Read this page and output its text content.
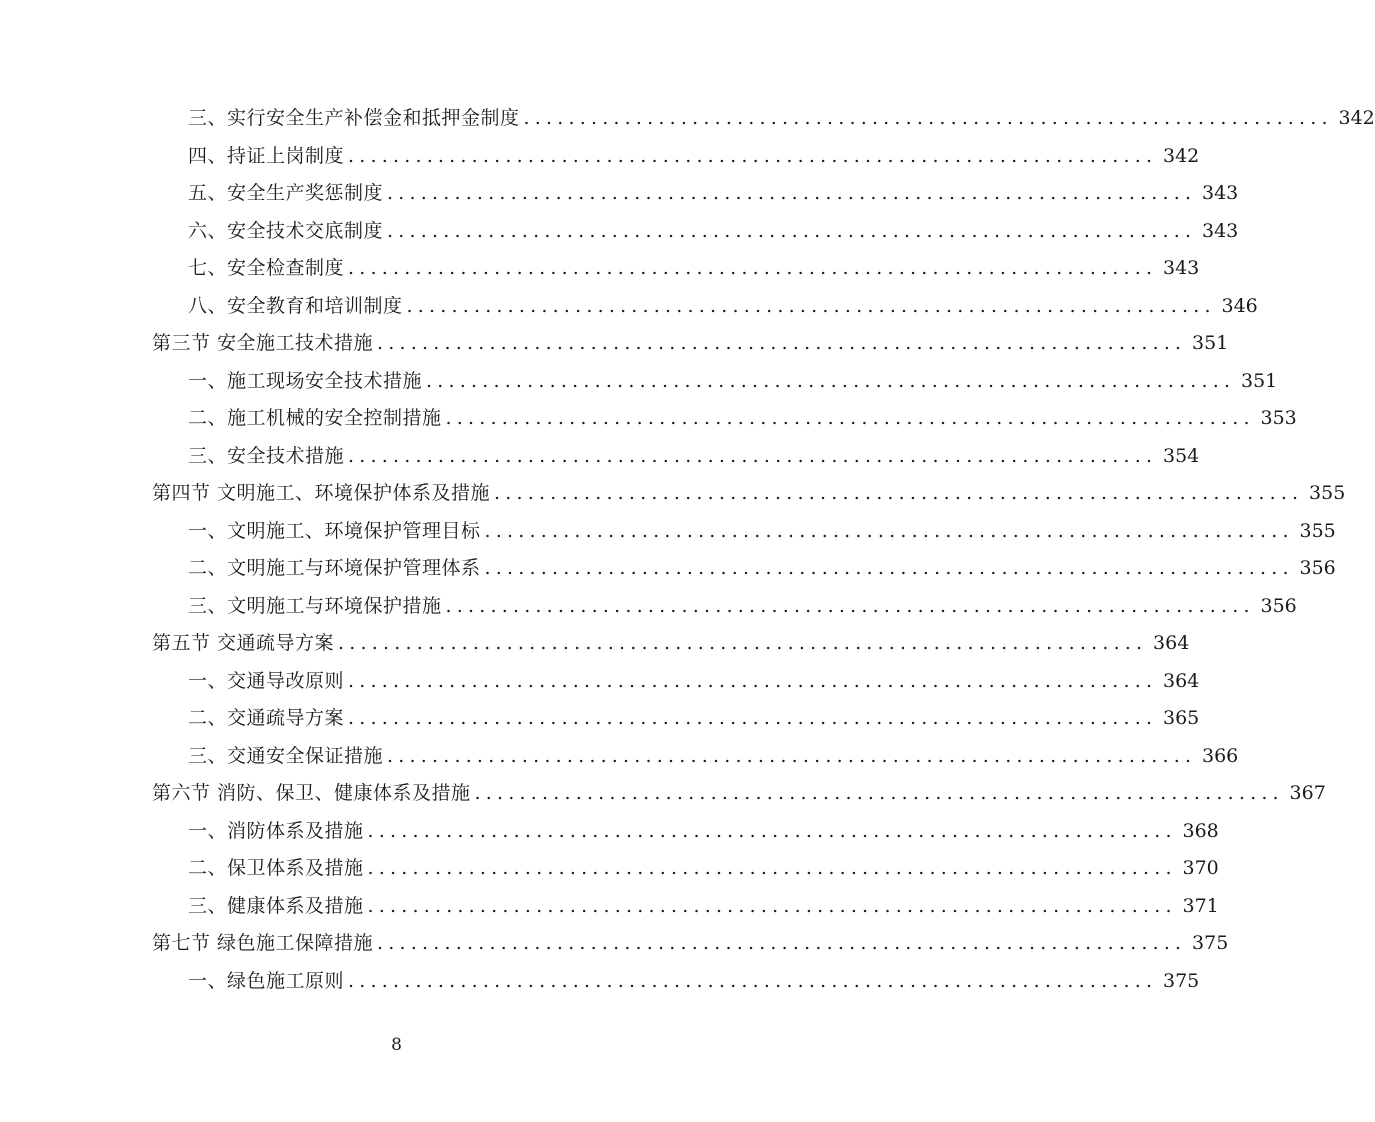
三、实行安全生产补偿金和抵押金制度 ........................................................................ 342
四、持证上岗制度 ........................................................................ 342
五、安全生产奖惩制度 ........................................................................ 343
六、安全技术交底制度 ........................................................................ 343
七、安全检查制度 ........................................................................ 343
八、安全教育和培训制度 ........................................................................ 346
第三节 安全施工技术措施 ........................................................................ 351
一、施工现场安全技术措施 ........................................................................ 351
二、施工机械的安全控制措施 ........................................................................ 353
三、安全技术措施 ........................................................................ 354
第四节 文明施工、环境保护体系及措施 ........................................................................ 355
一、文明施工、环境保护管理目标 ........................................................................ 355
二、文明施工与环境保护管理体系 ........................................................................ 356
三、文明施工与环境保护措施 ........................................................................ 356
第五节 交通疏导方案 ........................................................................ 364
一、交通导改原则 ........................................................................ 364
二、交通疏导方案 ........................................................................ 365
三、交通安全保证措施 ........................................................................ 366
第六节 消防、保卫、健康体系及措施 ........................................................................ 367
一、消防体系及措施 ........................................................................ 368
二、保卫体系及措施 ........................................................................ 370
三、健康体系及措施 ........................................................................ 371
第七节 绿色施工保障措施 ........................................................................ 375
一、绿色施工原则 ........................................................................ 375
8
